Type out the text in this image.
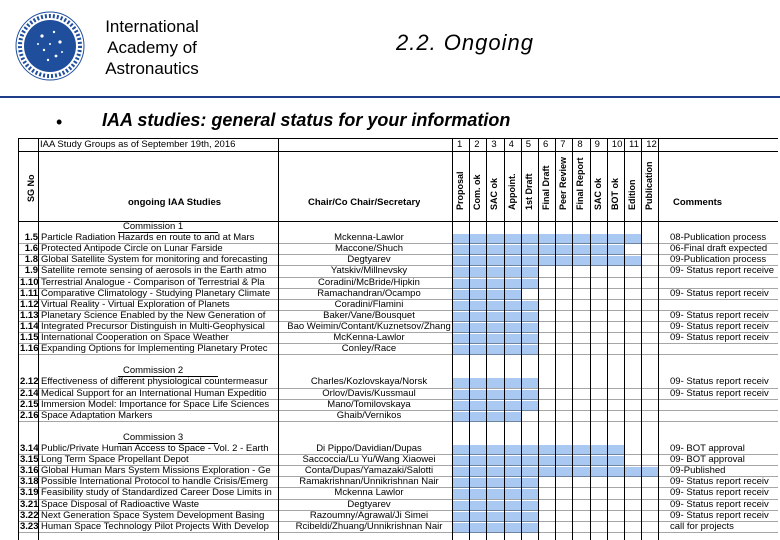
International
Academy of
Astronautics
2.2. Ongoing
• IAA studies: general status for your information
IAA Study Groups as of September 19th, 2016
SG No
ongoing IAA Studies	Chair/Co Chair/Secretary	Comments
1
Proposal
2
Com. ok
3
SAC ok
4
Appoint.
5
1st Draft
6
Final Draft
7
Peer Review
8
Final Report
9
SAC ok
10
BOT ok
11
Edition
12
Publication
Commission 1
1.5 Particle Radiation Hazards en route to and at Mars	Mckenna-Lawlor	08-Publication process
1.6 Protected Antipode Circle on Lunar Farside	Maccone/Shuch	06-Final draft expected
1.8 Global Satellite System for monitoring and forecasting	Degtyarev	09-Publication process
1.9 Satellite remote sensing of aerosols in the Earth atmo	Yatskiv/Millnevsky	09- Status report receive
1.10 Terrestrial Analogue - Comparison of Terrestrial & Pla	Coradini/McBride/Hipkin
1.11 Comparative Climatology - Studying Planetary Climate	Ramachandran/Ocampo	09- Status report receiv
1.12 Virtual Reality - Virtual Exploration of Planets	Coradini/Flamini
1.13 Planetary Science Enabled by the New Generation of	Baker/Vane/Bousquet	09- Status report receiv
1.14 Integrated Precursor Distinguish in Multi-Geophysical	Bao Weimin/Contant/Kuznetsov/Zhang	09- Status report receiv
1.15 International Cooperation on Space Weather	McKenna-Lawlor	09- Status report receiv
1.16 Expanding Options for Implementing Planetary Protec	Conley/Race
Commission 2
2.12 Effectiveness of different physiological countermeasur	Charles/Kozlovskaya/Norsk	09- Status report receiv
2.14 Medical Support for an International Human Expeditio	Orlov/Davis/Kussmaul	09- Status report receiv
2.15 Immersion Model: Importance for Space Life Sciences	Mano/Tomilovskaya
2.16 Space Adaptation Markers	Ghaib/Vernikos
Commission 3
3.14 Public/Private Human Access to Space - Vol. 2 - Earth	Di Pippo/Davidian/Dupas	09- BOT approval
3.15 Long Term Space Propellant Depot	Saccoccia/Lu Yu/Wang Xiaowei	09- BOT approval
3.16 Global Human Mars System Missions Exploration - Ge	Conta/Dupas/Yamazaki/Salotti	09-Published
3.18 Possible International Protocol to handle Crisis/Emerg	Ramakrishnan/Unnikrishnan Nair	09- Status report receiv
3.19 Feasibility study of Standardized Career Dose Limits in	Mckenna Lawlor	09- Status report receiv
3.21 Space Disposal of Radioactive Waste	Degtyarev	09- Status report receiv
3.22 Next Generation Space System Development Basing	Razoumny/Agrawal/Ji Simei	09- Status report receiv
3.23 Human Space Technology Pilot Projects With Develop	Rcibeldi/Zhuang/Unnikrishnan Nair	call for projects
